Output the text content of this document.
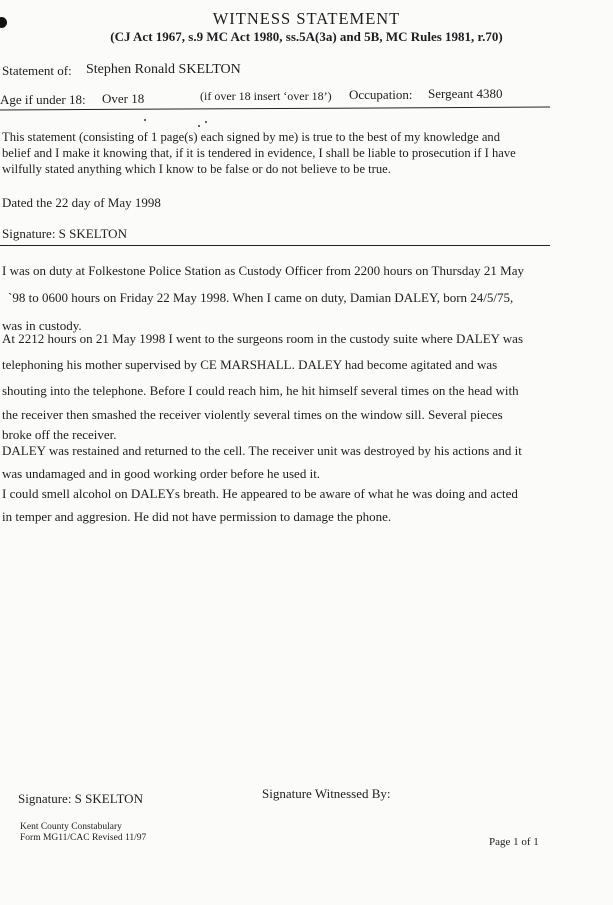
WITNESS STATEMENT
(CJ Act 1967, s.9 MC Act 1980, ss.5A(3a) and 5B, MC Rules 1981, r.70)
Statement of: Stephen Ronald SKELTON
Age if under 18: Over 18	(if over 18 insert ‘over 18’) Occupation: Sergeant 4380
This statement (consisting of 1 page(s) each signed by me) is true to the best of my knowledge and
belief and I make it knowing that, if it is tendered in evidence, I shall be liable to prosecution if I have
wilfully stated anything which I know to be false or do not believe to be true.
Dated the 22 day of May 1998
Signature: S SKELTON
I was on duty at Folkestone Police Station as Custody Officer from 2200 hours on Thursday 21 May
`98 to 0600 hours on Friday 22 May 1998. When I came on duty, Damian DALEY, born 24/5/75,
was in custody.
At 2212 hours on 21 May 1998 I went to the surgeons room in the custody suite where DALEY was
telephoning his mother supervised by CE MARSHALL. DALEY had become agitated and was
shouting into the telephone. Before I could reach him, he hit himself several times on the head with
the receiver then smashed the receiver violently several times on the window sill. Several pieces
broke off the receiver.
DALEY was restained and returned to the cell. The receiver unit was destroyed by his actions and it
was undamaged and in good working order before he used it.
I could smell alcohol on DALEYs breath. He appeared to be aware of what he was doing and acted
in temper and aggresion. He did not have permission to damage the phone.
Signature: S SKELTON	Signature Witnessed By:
Kent County Constabulary
Form MG11/CAC Revised 11/97	Page 1 of 1
